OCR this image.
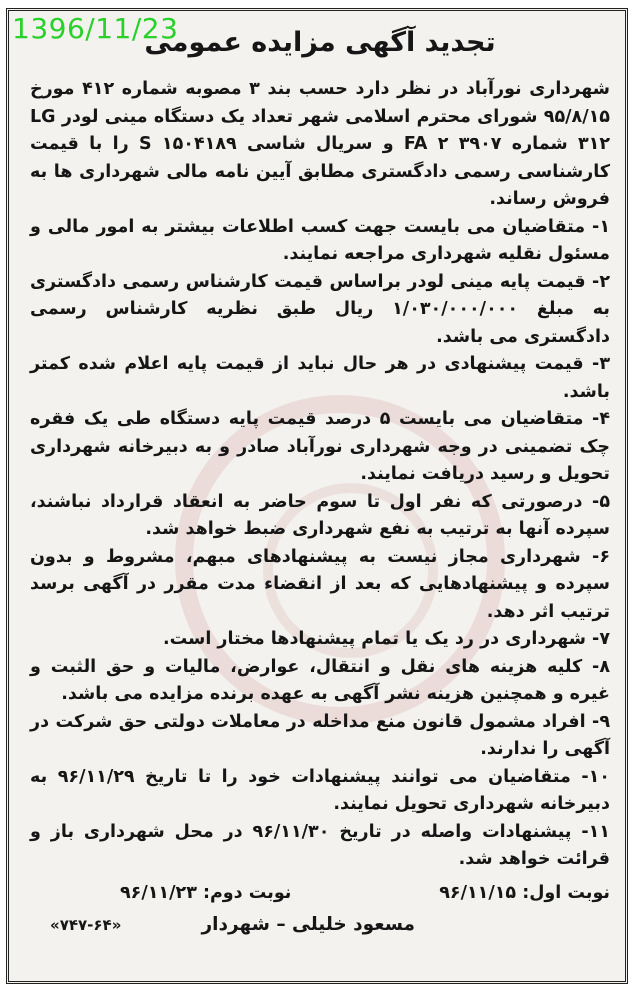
1396/11/23
تجدید آگهی مزایده عمومی

شهرداری نورآباد در نظر دارد حسب بند ۳ مصوبه شماره ۴۱۲ مورخ ۹۵/۸/۱۵ شورای محترم اسلامی شهر تعداد یک دستگاه مینی لودر LG ۳۱۲ شماره ۳۹۰۷ FA ۲ و سریال شاسی ۱۵۰۴۱۸۹ S را با قیمت کارشناسی رسمی دادگستری مطابق آیین نامه مالی شهرداری ها به فروش رساند.

۱- متقاضیان می بایست جهت کسب اطلاعات بیشتر به امور مالی و مسئول نقلیه شهرداری مراجعه نمایند.

۲- قیمت پایه مینی لودر براساس قیمت کارشناس رسمی دادگستری به مبلغ ۱/۰۳۰/۰۰۰/۰۰۰ ریال طبق نظریه کارشناس رسمی دادگستری می باشد.

۳- قیمت پیشنهادی در هر حال نباید از قیمت پایه اعلام شده کمتر باشد.

۴- متقاضیان می بایست ۵ درصد قیمت پایه دستگاه طی یک فقره چک تضمینی در وجه شهرداری نورآباد صادر و به دبیرخانه شهرداری تحویل و رسید دریافت نمایند.

۵- درصورتی که نفر اول تا سوم حاضر به انعقاد قرارداد نباشند، سپرده آنها به ترتیب به نفع شهرداری ضبط خواهد شد.

۶- شهرداری مجاز نیست به پیشنهادهای مبهم، مشروط و بدون سپرده و پیشنهادهایی که بعد از انقضاء مدت مقرر در آگهی برسد ترتیب اثر دهد.

۷- شهرداری در رد یک یا تمام پیشنهادها مختار است.

۸- کلیه هزینه های نقل و انتقال، عوارض، مالیات و حق الثبت و غیره و همچنین هزینه نشر آگهی به عهده برنده مزایده می باشد.

۹- افراد مشمول قانون منع مداخله در معاملات دولتی حق شرکت در آگهی را ندارند.

۱۰- متقاضیان می توانند پیشنهادات خود را تا تاریخ ۹۶/۱۱/۲۹ به دبیرخانه شهرداری تحویل نمایند.

۱۱- پیشنهادات واصله در تاریخ ۹۶/۱۱/۳۰ در محل شهرداری باز و قرائت خواهد شد.

نوبت اول: ۹۶/۱۱/۱۵
نوبت دوم: ۹۶/۱۱/۲۳
مسعود خلیلی – شهردار
«۷۴۷-۶۴»
